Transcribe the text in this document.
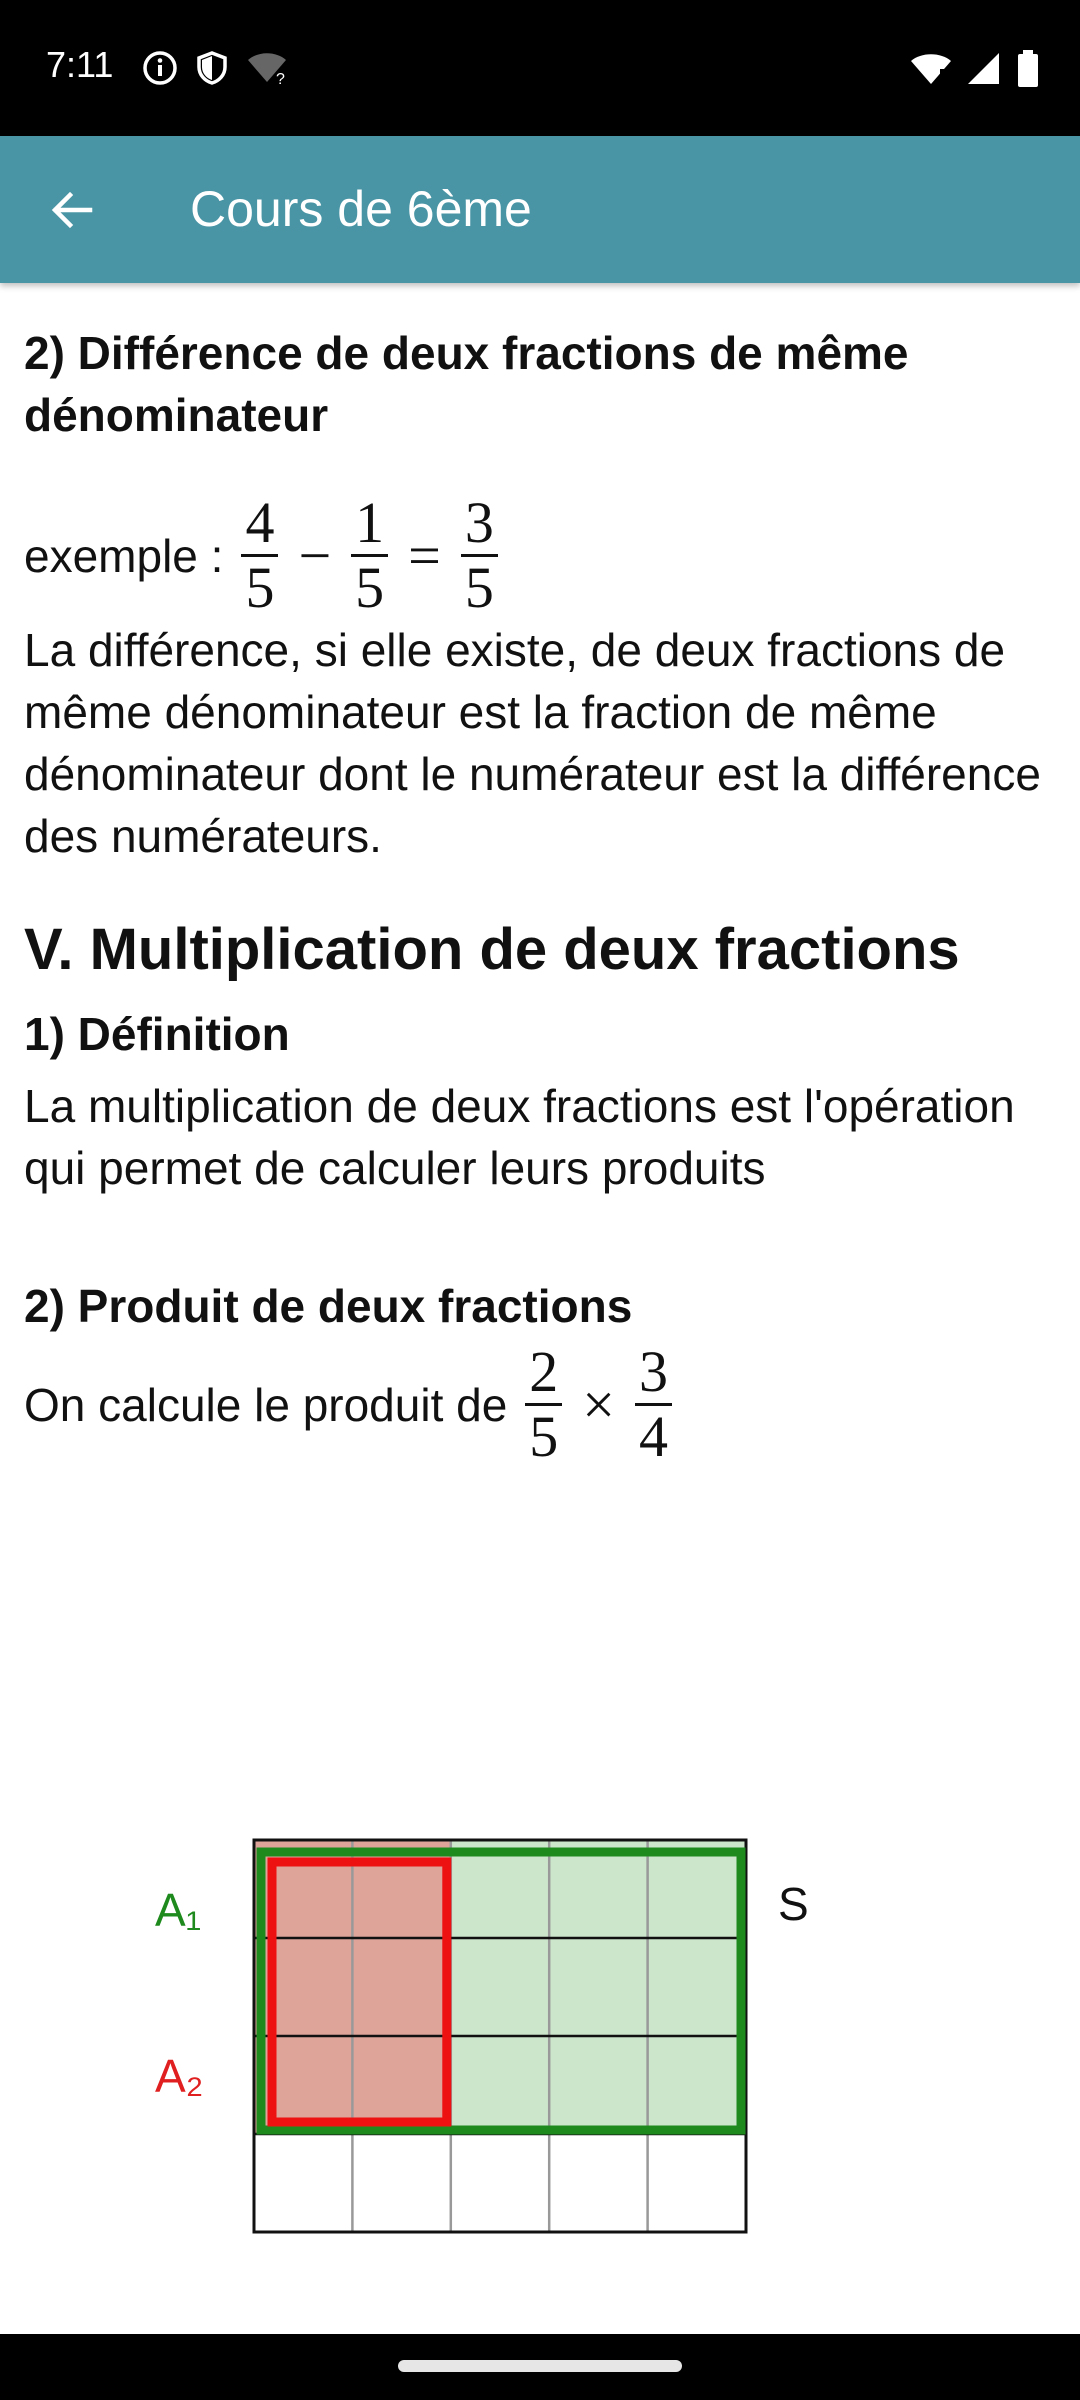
7:11	?
Cours de 6ème
2) Différence de deux fractions de même dénominateur
exemple : $\frac{4}{5} - \frac{1}{5} = \frac{3}{5}$

La différence, si elle existe, de deux fractions de même dénominateur est la fraction de même dénominateur dont le numérateur est la différence des numérateurs.

V. Multiplication de deux fractions
1) Définition

La multiplication de deux fractions est l'opération qui permet de calculer leurs produits

2) Produit de deux fractions
On calcule le produit de $\frac{2}{5} \times \frac{3}{4}$
A₁
A₂
S
